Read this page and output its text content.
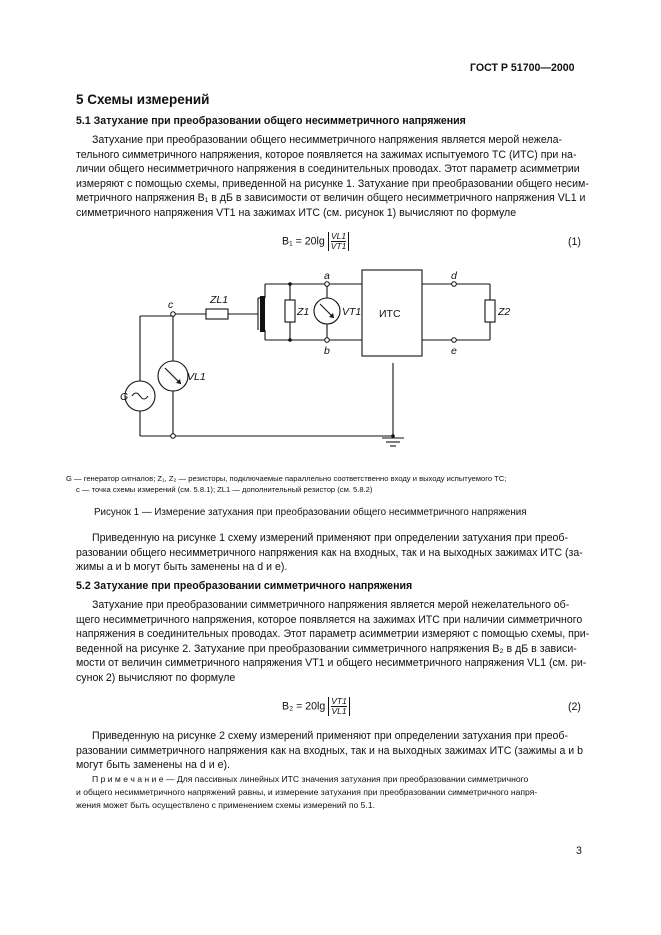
ГОСТ Р 51700—2000
5 Схемы измерений
5.1 Затухание при преобразовании общего несимметричного напряжения
Затухание при преобразовании общего несимметричного напряжения является мерой нежела-
тельного симметричного напряжения, которое появляется на зажимах испытуемого ТС (ИТС) при на-
личии общего несимметричного напряжения в соединительных проводах. Этот параметр асимметрии
измеряют с помощью схемы, приведенной на рисунке 1. Затухание при преобразовании общего несим-
метричного напряжения B₁ в дБ в зависимости от величин общего несимметричного напряжения VL1 и
симметричного напряжения VT1 на зажимах ИТС (см. рисунок 1) вычисляют по формуле
$B_1 = 20\lg \frac{VL1}{VT1}$	(1)
c
a
b
d
e
G
ZL1
Z1	VT1
VL1
Z2
ИТС
G — генератор сигналов; Z₁, Z₂ — резисторы, подключаемые параллельно соответственно входу и выходу испытуемого ТС;
c — точка схемы измерений (см. 5.8.1); ZL1 — дополнительный резистор (см. 5.8.2)
Рисунок 1 — Измерение затухания при преобразовании общего несимметричного напряжения
Приведенную на рисунке 1 схему измерений применяют при определении затухания при преоб-
разовании общего несимметричного напряжения как на входных, так и на выходных зажимах ИТС (за-
жимы a и b могут быть заменены на d и e).
5.2 Затухание при преобразовании симметричного напряжения
Затухание при преобразовании симметричного напряжения является мерой нежелательного об-
щего несимметричного напряжения, которое появляется на зажимах ИТС при наличии симметричного
напряжения в соединительных проводах. Этот параметр асимметрии измеряют с помощью схемы, при-
веденной на рисунке 2. Затухание при преобразовании симметричного напряжения B₂ в дБ в зависи-
мости от величин симметричного напряжения VT1 и общего несимметричного напряжения VL1 (см. ри-
сунок 2) вычисляют по формуле
$B_2 = 20\lg \frac{VT1}{VL1}$	(2)
Приведенную на рисунке 2 схему измерений применяют при определении затухания при преоб-
разовании симметричного напряжения как на входных, так и на выходных зажимах ИТС (зажимы a и b
могут быть заменены на d и e).
П р и м е ч а н и е — Для пассивных линейных ИТС значения затухания при преобразовании симметричного
и общего несимметричного напряжений равны, и измерение затухания при преобразовании симметричного напря-
жения может быть осуществлено с применением схемы измерений по 5.1.
3
